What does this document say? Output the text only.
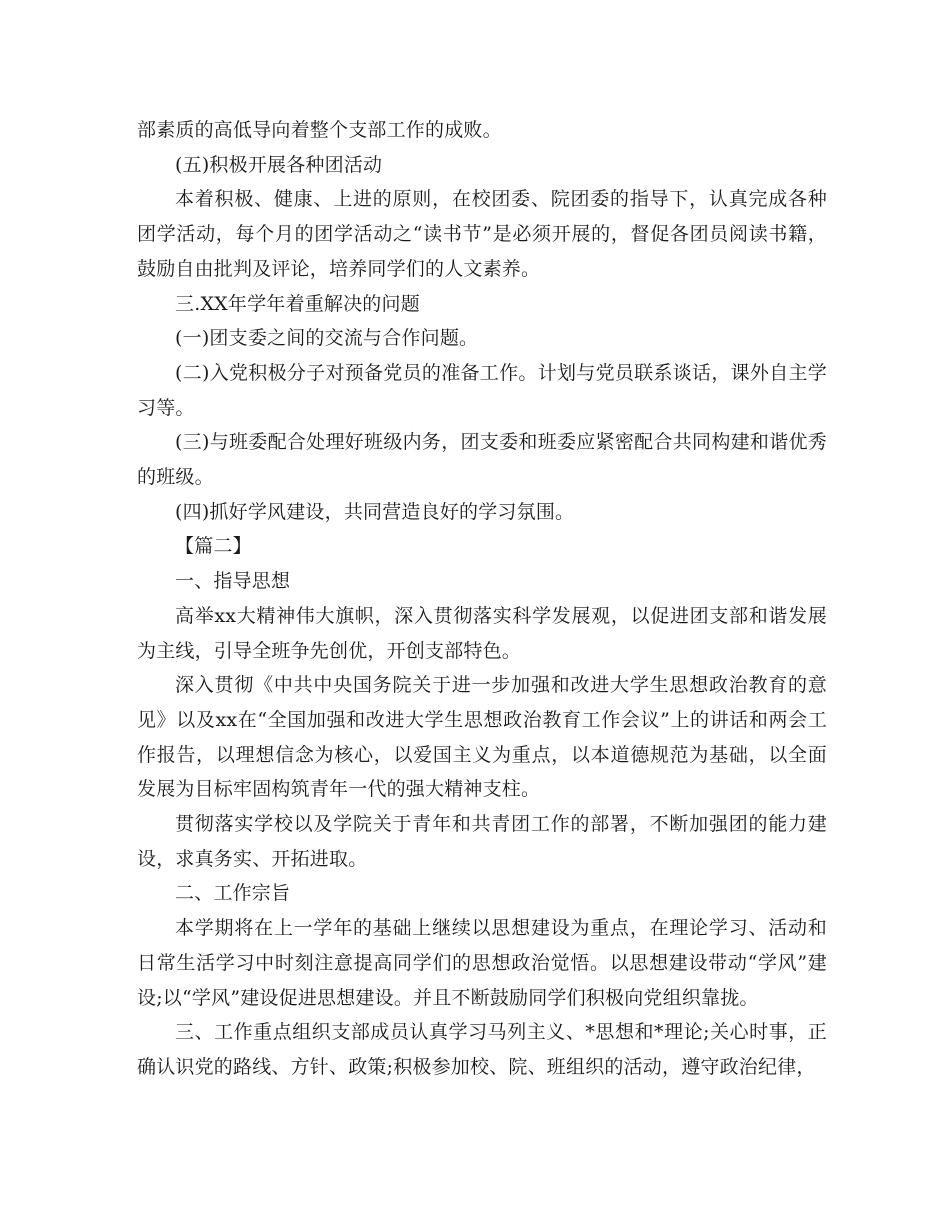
部素质的高低导向着整个支部工作的成败。

(五)积极开展各种团活动

本着积极、健康、上进的原则，在校团委、院团委的指导下，认真完成各种团学活动，每个月的团学活动之“读书节”是必须开展的，督促各团员阅读书籍，鼓励自由批判及评论，培养同学们的人文素养。

三.XX年学年着重解决的问题

(一)团支委之间的交流与合作问题。

(二)入党积极分子对预备党员的准备工作。计划与党员联系谈话，课外自主学习等。

(三)与班委配合处理好班级内务，团支委和班委应紧密配合共同构建和谐优秀的班级。

(四)抓好学风建设，共同营造良好的学习氛围。

【篇二】

一、指导思想

高举xx大精神伟大旗帜，深入贯彻落实科学发展观，以促进团支部和谐发展为主线，引导全班争先创优，开创支部特色。

深入贯彻《中共中央国务院关于进一步加强和改进大学生思想政治教育的意见》以及xx在“全国加强和改进大学生思想政治教育工作会议”上的讲话和两会工作报告，以理想信念为核心，以爱国主义为重点，以本道德规范为基础，以全面发展为目标牢固构筑青年一代的强大精神支柱。

贯彻落实学校以及学院关于青年和共青团工作的部署，不断加强团的能力建设，求真务实、开拓进取。

二、工作宗旨

本学期将在上一学年的基础上继续以思想建设为重点，在理论学习、活动和日常生活学习中时刻注意提高同学们的思想政治觉悟。以思想建设带动“学风”建设;以“学风”建设促进思想建设。并且不断鼓励同学们积极向党组织靠拢。

三、工作重点组织支部成员认真学习马列主义、*思想和*理论;关心时事，正确认识党的路线、方针、政策;积极参加校、院、班组织的活动，遵守政治纪律，
